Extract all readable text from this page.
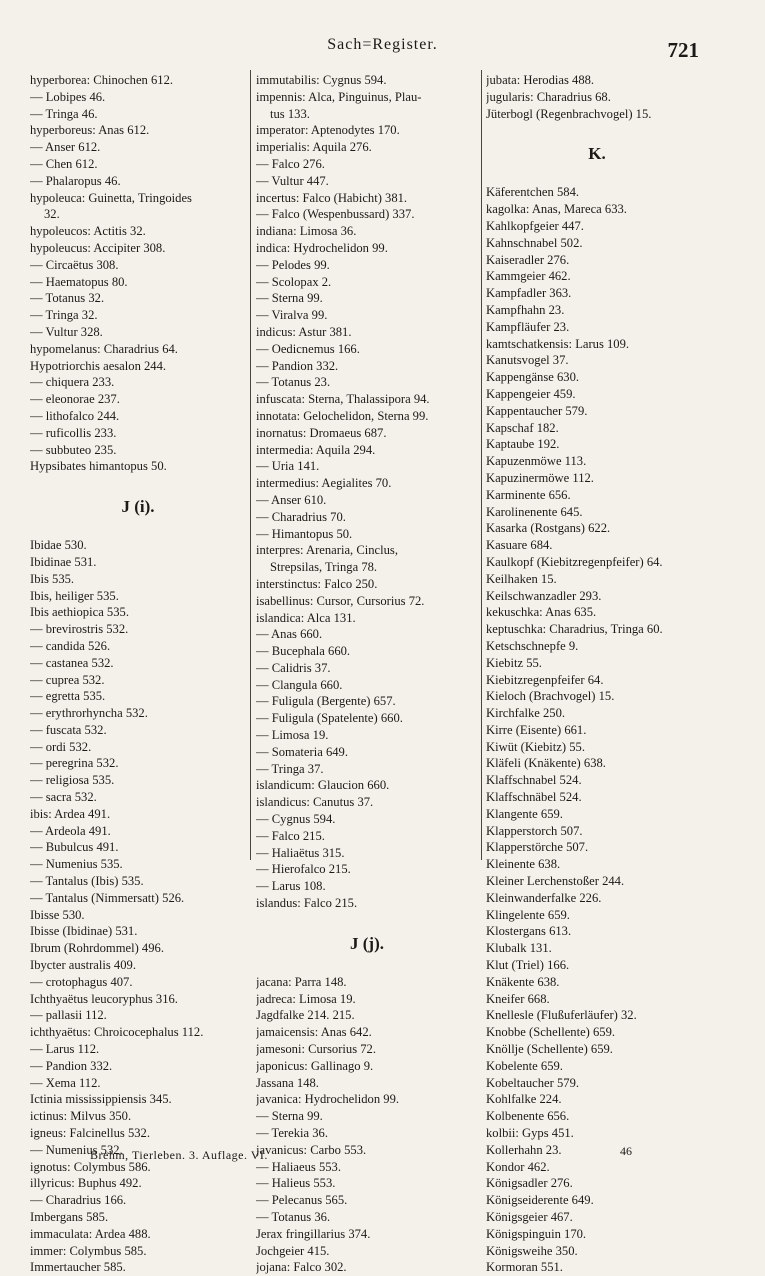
Sach=Register.	721
hyperborea: Chinochen 612.
— Lobipes 46.
— Tringa 46.
hyperboreus: Anas 612.
— Anser 612.
— Chen 612.
— Phalaropus 46.
hypoleuca: Guinetta, Tringoides
32.
hypoleucos: Actitis 32.
hypoleucus: Accipiter 308.
— Circaëtus 308.
— Haematopus 80.
— Totanus 32.
— Tringa 32.
— Vultur 328.
hypomelanus: Charadrius 64.
Hypotriorchis aesalon 244.
— chiquera 233.
— eleonorae 237.
— lithofalco 244.
— ruficollis 233.
— subbuteo 235.
Hypsibates himantopus 50.
J (i).
Ibidae 530.
Ibidinae 531.
Ibis 535.
Ibis, heiliger 535.
Ibis aethiopica 535.
— brevirostris 532.
— candida 526.
— castanea 532.
— cuprea 532.
— egretta 535.
— erythrorhyncha 532.
— fuscata 532.
— ordi 532.
— peregrina 532.
— religiosa 535.
— sacra 532.
ibis: Ardea 491.
— Ardeola 491.
— Bubulcus 491.
— Numenius 535.
— Tantalus (Ibis) 535.
— Tantalus (Nimmersatt) 526.
Ibisse 530.
Ibisse (Ibidinae) 531.
Ibrum (Rohrdommel) 496.
Ibycter australis 409.
— crotophagus 407.
Ichthyaëtus leucoryphus 316.
— pallasii 112.
ichthyaëtus: Chroicocephalus 112.
— Larus 112.
— Pandion 332.
— Xema 112.
Ictinia mississippiensis 345.
ictinus: Milvus 350.
igneus: Falcinellus 532.
— Numenius 532.
ignotus: Colymbus 586.
illyricus: Buphus 492.
— Charadrius 166.
Imbergans 585.
immaculata: Ardea 488.
immer: Colymbus 585.
Immertaucher 585.
immutabilis: Cygnus 594.
impennis: Alca, Pinguinus, Plau-
tus 133.
imperator: Aptenodytes 170.
imperialis: Aquila 276.
— Falco 276.
— Vultur 447.
incertus: Falco (Habicht) 381.
— Falco (Wespenbussard) 337.
indiana: Limosa 36.
indica: Hydrochelidon 99.
— Pelodes 99.
— Scolopax 2.
— Sterna 99.
— Viralva 99.
indicus: Astur 381.
— Oedicnemus 166.
— Pandion 332.
— Totanus 23.
infuscata: Sterna, Thalassipora 94.
innotata: Gelochelidon, Sterna 99.
inornatus: Dromaeus 687.
intermedia: Aquila 294.
— Uria 141.
intermedius: Aegialites 70.
— Anser 610.
— Charadrius 70.
— Himantopus 50.
interpres: Arenaria, Cinclus,
Strepsilas, Tringa 78.
interstinctus: Falco 250.
isabellinus: Cursor, Cursorius 72.
islandica: Alca 131.
— Anas 660.
— Bucephala 660.
— Calidris 37.
— Clangula 660.
— Fuligula (Bergente) 657.
— Fuligula (Spatelente) 660.
— Limosa 19.
— Somateria 649.
— Tringa 37.
islandicum: Glaucion 660.
islandicus: Canutus 37.
— Cygnus 594.
— Falco 215.
— Haliaëtus 315.
— Hierofalco 215.
— Larus 108.
islandus: Falco 215.
J (j).
jacana: Parra 148.
jadreca: Limosa 19.
Jagdfalke 214. 215.
jamaicensis: Anas 642.
jamesoni: Cursorius 72.
japonicus: Gallinago 9.
Jassana 148.
javanica: Hydrochelidon 99.
— Sterna 99.
— Terekia 36.
javanicus: Carbo 553.
— Haliaeus 553.
— Halieus 553.
— Pelecanus 565.
— Totanus 36.
Jerax fringillarius 374.
Jochgeier 415.
jojana: Falco 302.
jubata: Herodias 488.
jugularis: Charadrius 68.
Jüterbogl (Regenbrachvogel) 15.
K.
Käferentchen 584.
kagolka: Anas, Mareca 633.
Kahlkopfgeier 447.
Kahnschnabel 502.
Kaiseradler 276.
Kammgeier 462.
Kampfadler 363.
Kampfhahn 23.
Kampfläufer 23.
kamtschatkensis: Larus 109.
Kanutsvogel 37.
Kappengänse 630.
Kappengeier 459.
Kappentaucher 579.
Kapschaf 182.
Kaptaube 192.
Kapuzenmöwe 113.
Kapuzinermöwe 112.
Karminente 656.
Karolinenente 645.
Kasarka (Rostgans) 622.
Kasuare 684.
Kaulkopf (Kiebitzregenpfeifer) 64.
Keilhaken 15.
Keilschwanzadler 293.
kekuschka: Anas 635.
keptuschka: Charadrius, Tringa 60.
Ketschschnepfe 9.
Kiebitz 55.
Kiebitzregenpfeifer 64.
Kieloch (Brachvogel) 15.
Kirchfalke 250.
Kirre (Eisente) 661.
Kiwüt (Kiebitz) 55.
Kläfeli (Knäkente) 638.
Klaffschnabel 524.
Klaffschnäbel 524.
Klangente 659.
Klapperstorch 507.
Klapperstörche 507.
Kleinente 638.
Kleiner Lerchenstoßer 244.
Kleinwanderfalke 226.
Klingelente 659.
Klostergans 613.
Klubalk 131.
Klut (Triel) 166.
Knäkente 638.
Kneifer 668.
Knellesle (Flußuferläufer) 32.
Knobbe (Schellente) 659.
Knöllje (Schellente) 659.
Kobelente 659.
Kobeltaucher 579.
Kohlfalke 224.
Kolbenente 656.
kolbii: Gyps 451.
Kollerhahn 23.
Kondor 462.
Königsadler 276.
Königseiderente 649.
Königsgeier 467.
Königspinguin 170.
Königsweihe 350.
Kormoran 551.
Brehm, Tierleben. 3. Auflage. VI.	46
